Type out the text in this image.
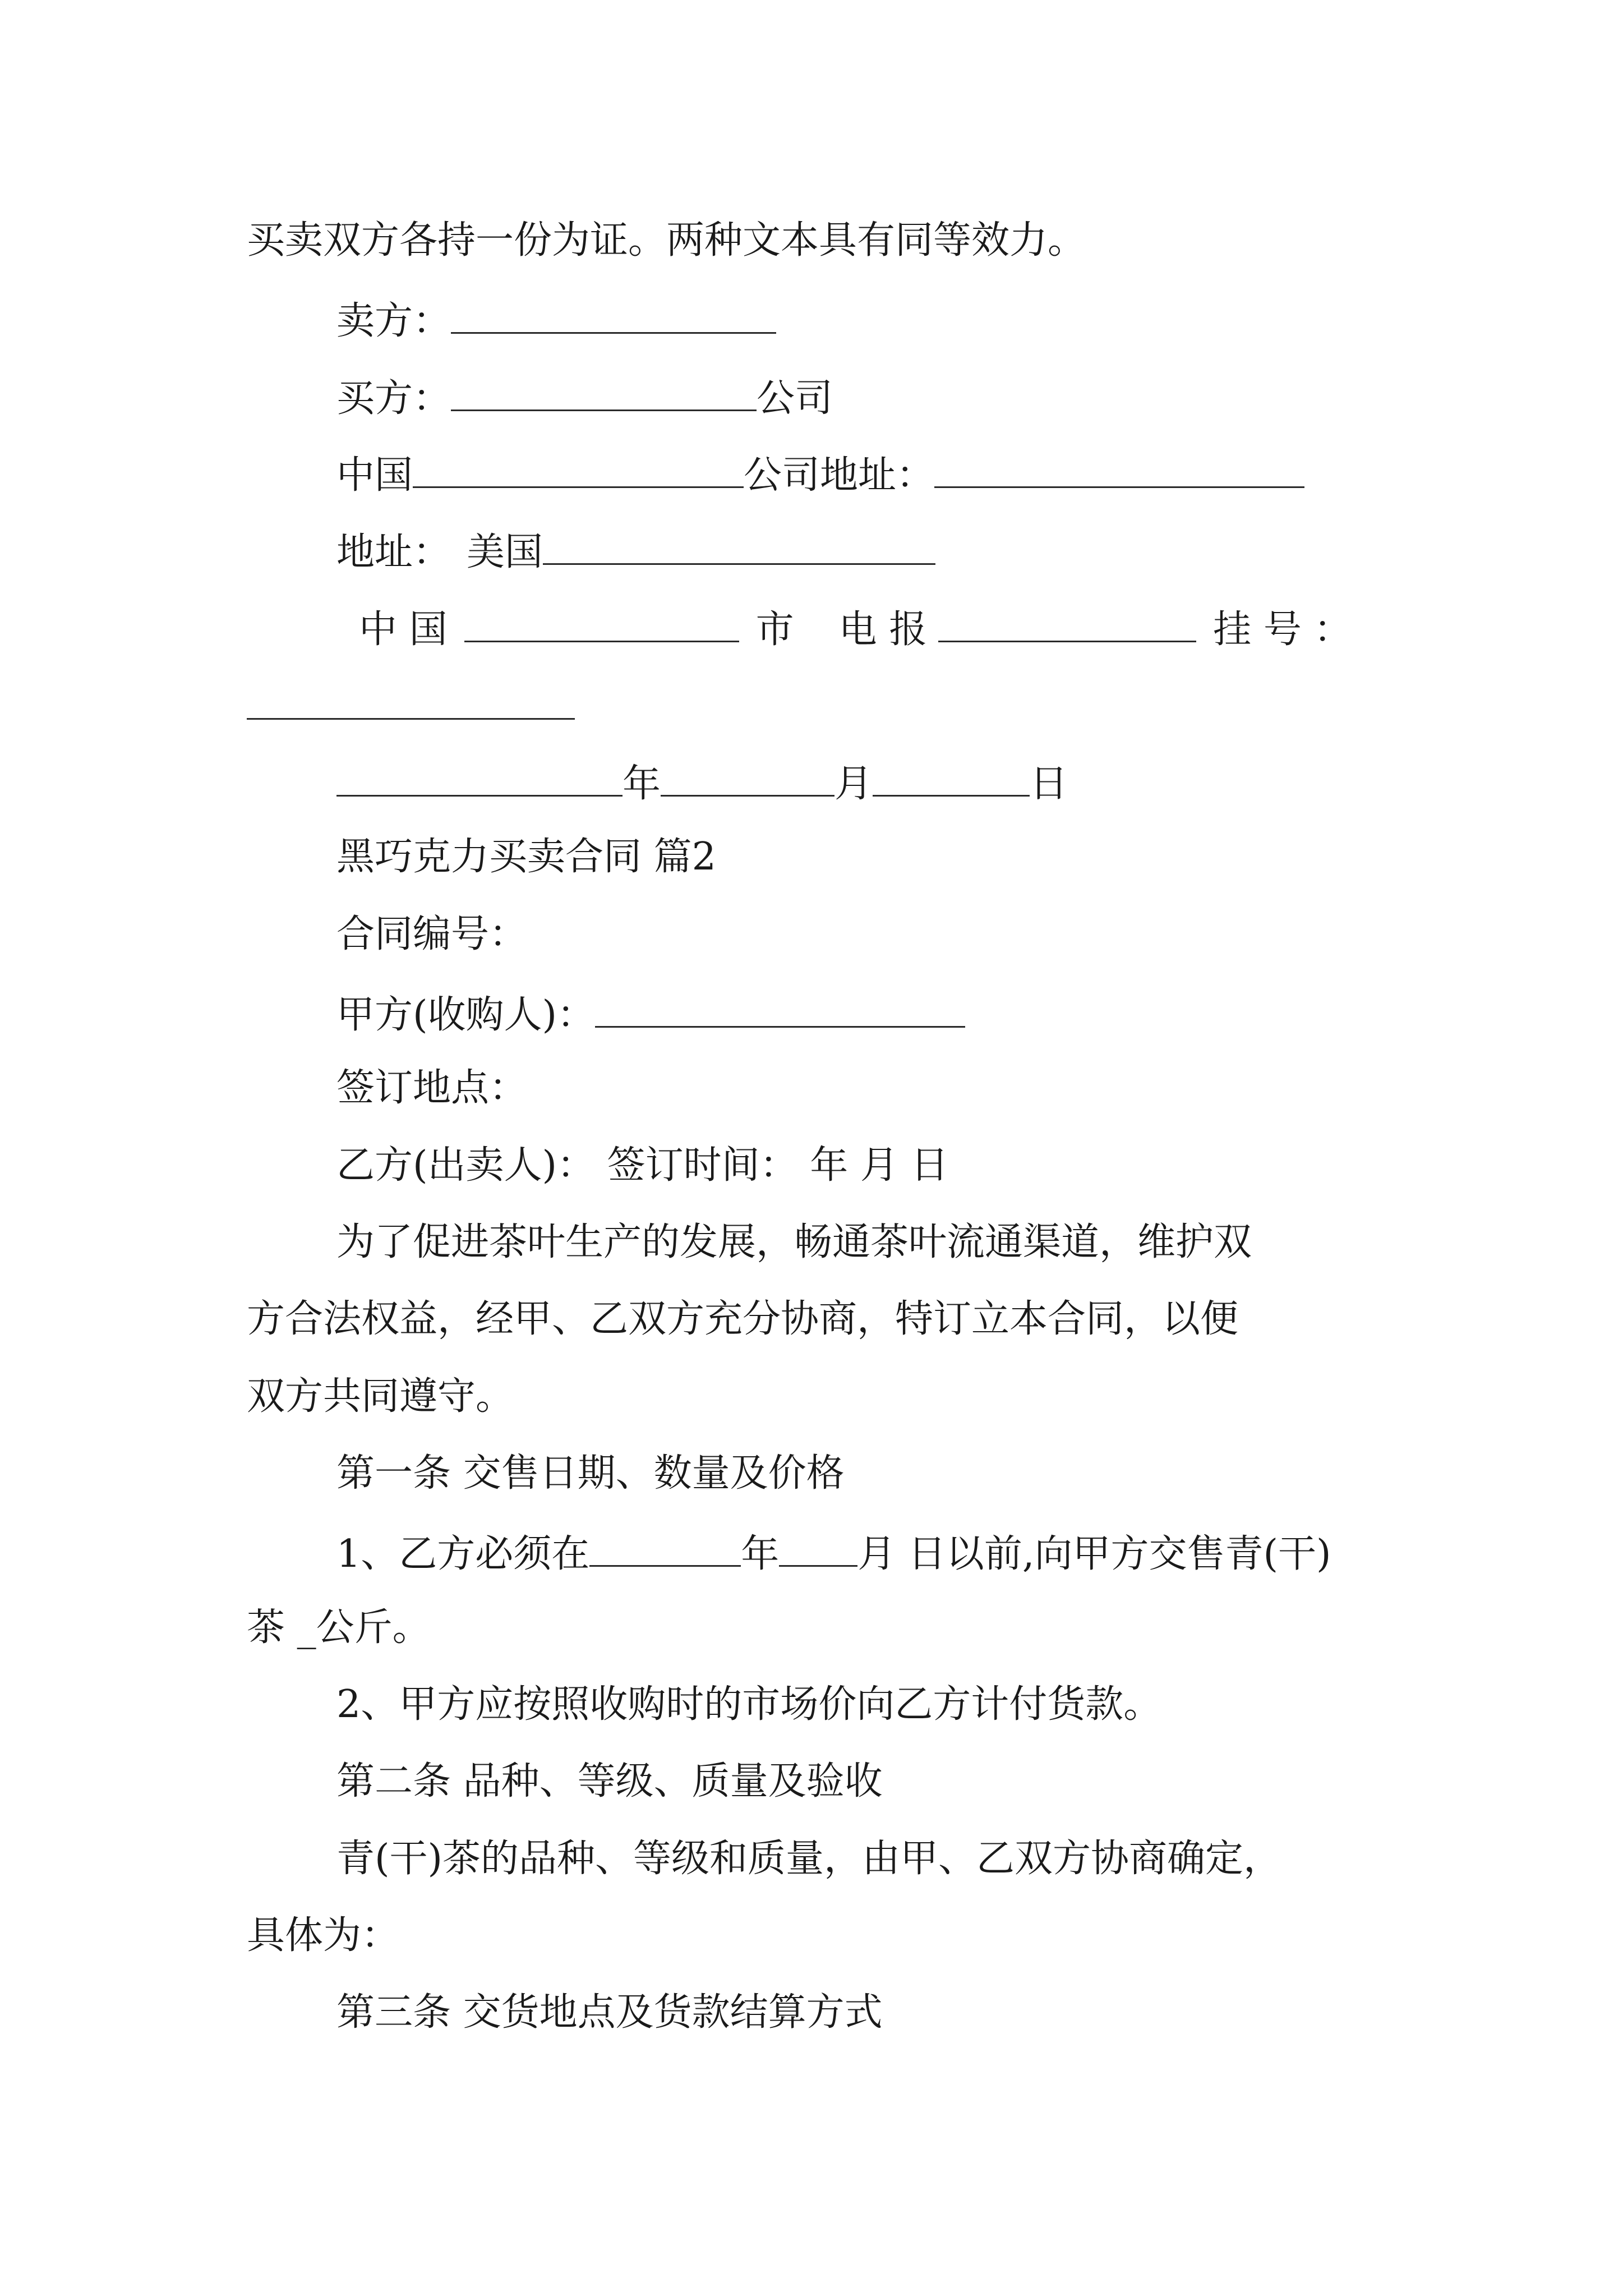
买卖双方各持一份为证。两种文本具有同等效力。
卖方：
买方：	公司
中国	公司地址：
地址： 美国
中 国	市 电 报	挂 号 ：
年	月	日
黑巧克力买卖合同 篇2
合同编号：
甲方(收购人)：
签订地点：
乙方(出卖人)： 签订时间： 年 月 日
为了促进茶叶生产的发展，畅通茶叶流通渠道，维护双
方合法权益，经甲、乙双方充分协商，特订立本合同，以便
双方共同遵守。
第一条 交售日期、数量及价格
1、乙方必须在	年 月 日以前,向甲方交售青(干)
茶 _公斤。
2、甲方应按照收购时的市场价向乙方计付货款。
第二条 品种、等级、质量及验收
青(干)茶的品种、等级和质量，由甲、乙双方协商确定，
具体为：
第三条 交货地点及货款结算方式
